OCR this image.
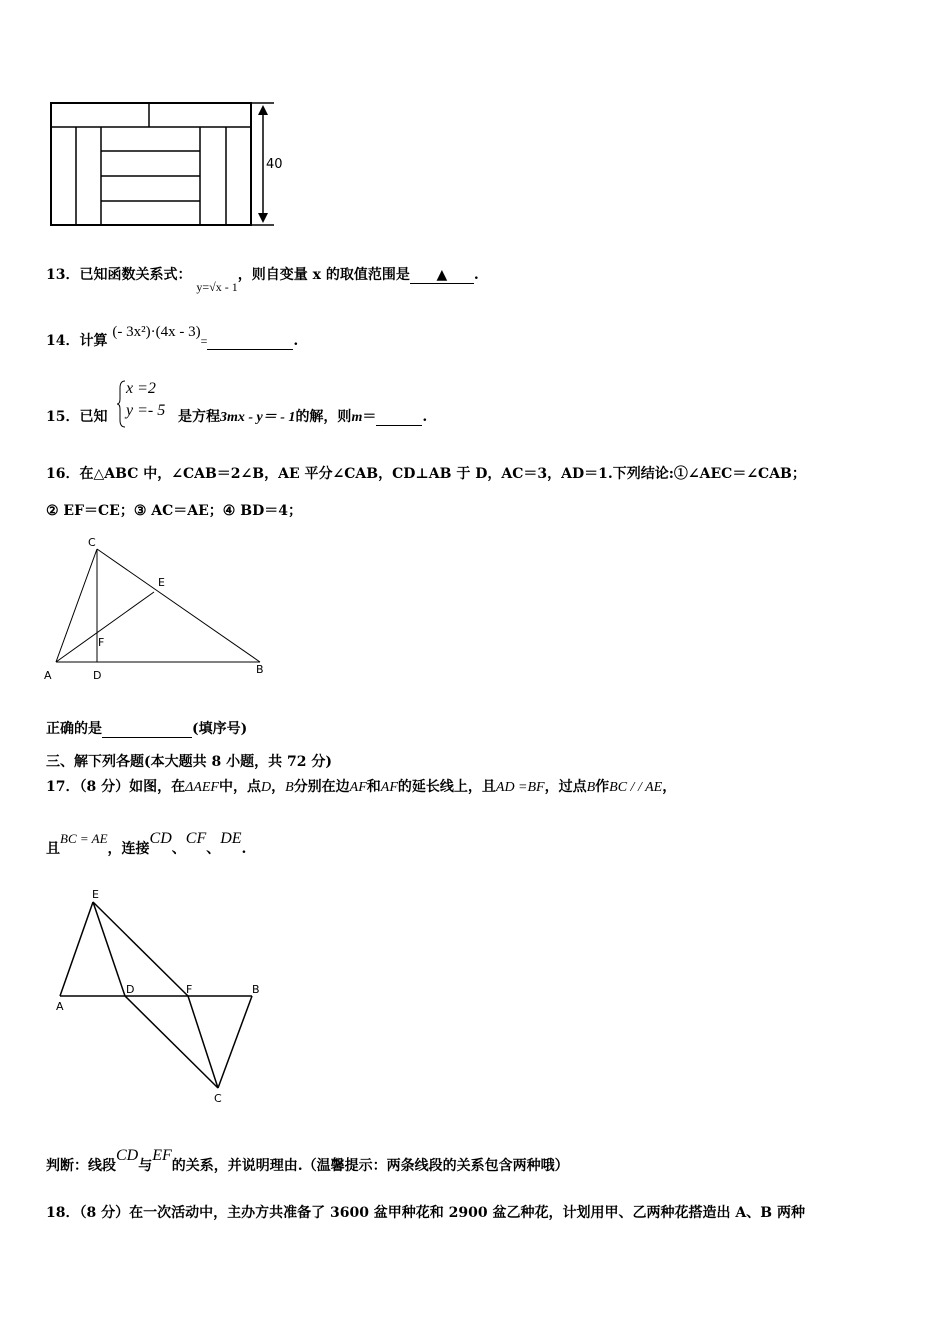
40
13．已知函数关系式： y=√x - 1，则自变量 x 的取值范围是 ▲ .
14．计算 (- 3x²)·(4x - 3)=	.
15．已知
x =2
y =- 5 是方程3mx - y＝ - 1的解，则m＝	.
16．在△ABC 中，∠CAB＝2∠B，AE 平分∠CAB，CD⊥AB 于 D，AC＝3，AD＝1.下列结论:①∠AEC＝∠CAB；
② EF＝CE；③ AC＝AE；④ BD＝4；
C
E
F
A	D	B
正确的是	(填序号)
三、解下列各题(本大题共 8 小题，共 72 分)
17．（8 分）如图，在ΔAEF中，点D，B分别在边AF和AF的延长线上，且AD =BF，过点B作BC / / AE，
且BC = AE，连接CD、CF、DE.
E
A
D	F	B
C
判断：线段CD与EF的关系，并说明理由.（温馨提示：两条线段的关系包含两种哦）
18．（8 分）在一次活动中，主办方共准备了 3600 盆甲种花和 2900 盆乙种花，计划用甲、乙两种花搭造出 A、B 两种
